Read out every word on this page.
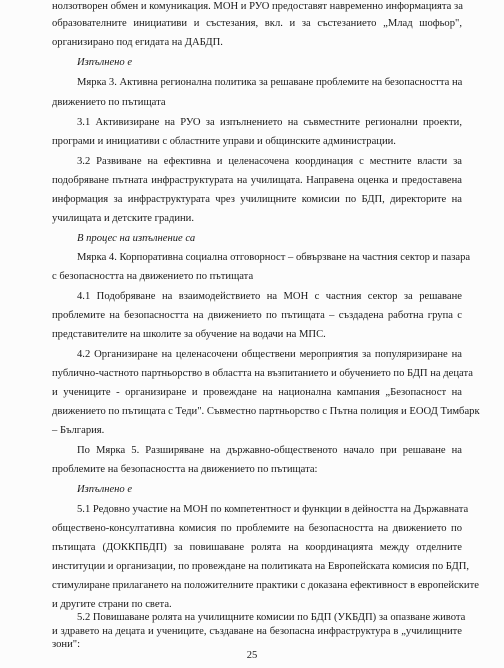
нолзотворен обмен и комуникация. МОН и РУО предоставят навременно информацията за
образователните инициативи и състезания, вкл. и за състезанието „Млад шофьор",
организирано под егидата на ДАБДП.
Изпълнено е
Мярка 3. Активна регионална политика за решаване проблемите на безопасността на
движението по пътищата
3.1 Активизиране на РУО за изпълнението на съвместните регионални проекти,
програми и инициативи с областните управи и общинските администрации.
3.2 Развиване на ефективна и целенасочена координация с местните власти за
подобряване пътната инфраструктурата на училищата. Направена оценка и предоставена
информация за инфраструктурата чрез училищните комисии по БДП, директорите на
училищата и детските градини.
В процес на изпълнение са
Мярка 4. Корпоративна социална отговорност – обвързване на частния сектор и пазара
с безопасността на движението по пътищата
4.1 Подобряване на взаимодействието на МОН с частния сектор за решаване
проблемите на безопасността на движението по пътищата – създадена работна група с
представителите на школите за обучение на водачи на МПС.
4.2 Организиране на целенасочени обществени мероприятия за популяризиране на
публично-частното партньорство в областта на възпитанието и обучението по БДП на децата
и учениците - организиране и провеждане на национална кампания „Безопасност на
движението по пътищата с Теди". Съвместно партньорство с Пътна полиция и ЕООД Тимбарк
– България.
По Мярка 5. Разширяване на държавно-общественото начало при решаване на
проблемите на безопасността на движението по пътищата:
Изпълнено е
5.1 Редовно участие на МОН по компетентност и функции в дейността на Държавната
обществено-консултативна комисия по проблемите на безопасността на движението по
пътищата (ДОККПБДП) за повишаване ролята на координацията между отделните
институции и организации, по провеждане на политиката на Европейската комисия по БДП,
стимулиране прилагането на положителните практики с доказана ефективност в европейските
и другите страни по света.
5.2 Повишаване ролята на училищните комисии по БДП (УКБДП) за опазване живота
и здравето на децата и учениците, създаване на безопасна инфраструктура в „училищните
зони":
25
